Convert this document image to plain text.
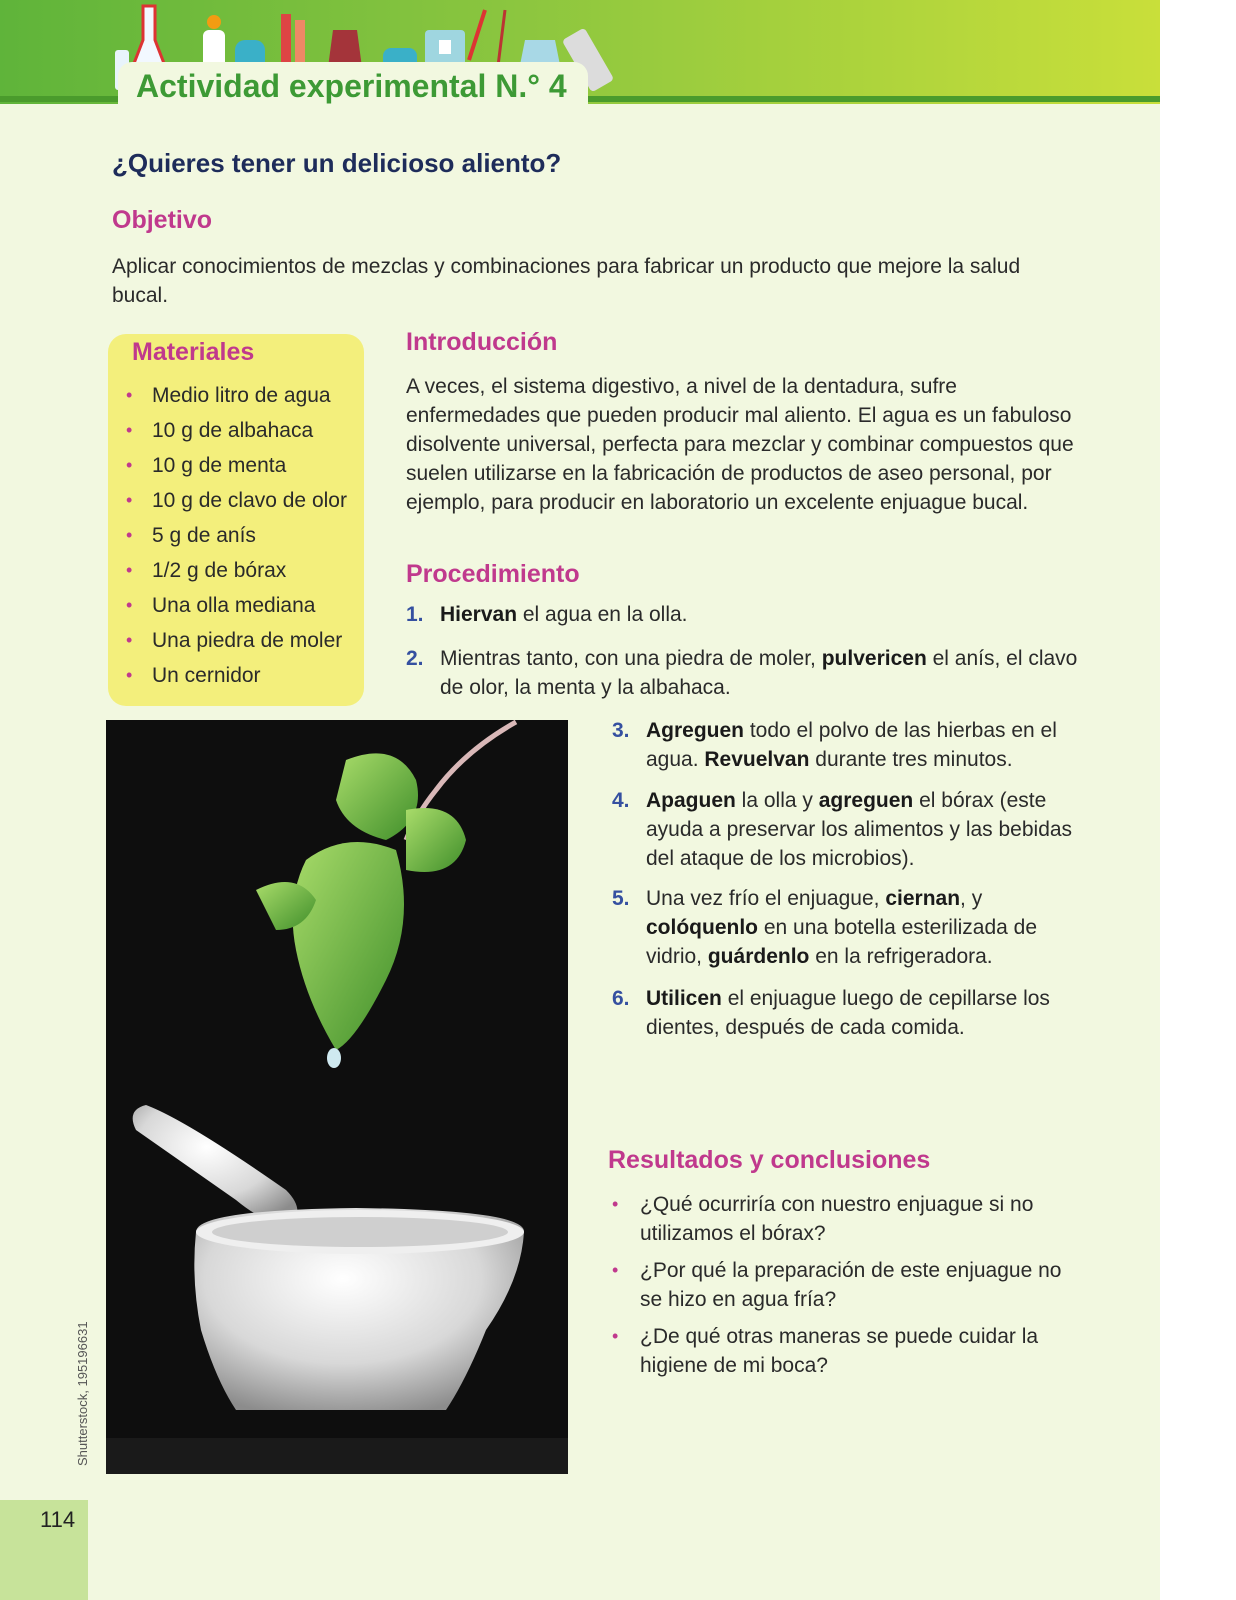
Actividad experimental N.° 4
¿Quieres tener un delicioso aliento?
Objetivo
Aplicar conocimientos de mezclas y combinaciones para fabricar un producto que mejore la salud bucal.
Materiales
• Medio litro de agua
• 10 g de albahaca
• 10 g de menta
• 10 g de clavo de olor
• 5 g de anís
• 1/2 g de bórax
• Una olla mediana
• Una piedra de moler
• Un cernidor
Introducción
A veces, el sistema digestivo, a nivel de la dentadura, sufre enfermedades que pueden producir mal aliento. El agua es un fabuloso disolvente universal, perfecta para mezclar y combinar compuestos que suelen utilizarse en la fabricación de productos de aseo personal, por ejemplo, para producir en laboratorio un excelente enjuague bucal.
Procedimiento
1. Hiervan el agua en la olla.
2. Mientras tanto, con una piedra de moler, pulvericen el anís, el clavo de olor, la menta y la albahaca.
3. Agreguen todo el polvo de las hierbas en el agua. Revuelvan durante tres minutos.
4. Apaguen la olla y agreguen el bórax (este ayuda a preservar los alimentos y las bebidas del ataque de los microbios).
5. Una vez frío el enjuague, ciernan, y colóquenlo en una botella esterilizada de vidrio, guárdenlo en la refrigeradora.
6. Utilicen el enjuague luego de cepillarse los dientes, después de cada comida.
Resultados y conclusiones
• ¿Qué ocurriría con nuestro enjuague si no utilizamos el bórax?
• ¿Por qué la preparación de este enjuague no se hizo en agua fría?
• ¿De qué otras maneras se puede cuidar la higiene de mi boca?
Shutterstock, 195196631
114
